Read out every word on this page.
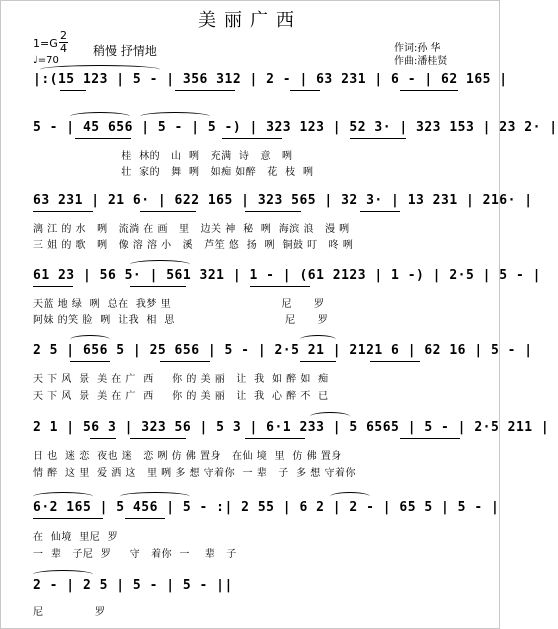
美丽广西
作词:孙 华
作曲:潘桂贤
1=G
2
4
♩=70
稍慢 抒情地
|:(15 123 | 5 - | 356 312 | 2 - | 63 231 | 6 - | 62 165 |
5 - | 45 656 | 5 - | 5 -) | 323 123 | 52 3· | 323 153 | 23 2· |
桂  林的   山  咧   充满  诗   意   咧
壮  家的   舞  咧   如痴 如醉   花  枝  咧
63 231 | 21 6· | 622 165 | 323 565 | 32 3· | 13 231 | 216· |
漓 江 的 水   咧   流淌 在 画   里   边关 神  秘  咧  海滨 浪   漫 咧
三 姐 的 歌   咧   像 溶 溶 小   溪   芦笙 悠  扬  咧  铜鼓 叮   咚 咧
61 23 | 56 5· | 561 321 | 1 - | (61 2123 | 1 -) | 2·5 | 5 - |
天蓝 地 绿  咧  总在  我梦 里                              尼      罗
阿妹 的笑 脸  咧  让我  相  思                              尼      罗
2 5 | 656 5 | 25 656 | 5 - | 2·5 21 | 2121 6 | 62 16 | 5 - |
天 下 风  景  美 在 广  西     你 的 美 丽   让  我  如 醉 如  痴
天 下 风  景  美 在 广  西     你 的 美 丽   让  我  心 醉 不  已
2 1 | 56 3 | 323 56 | 5 3 | 6·1 233 | 5 6565 | 5 - | 2·5 211 |
日 也  迷 恋  夜也 迷   恋 咧 仿 佛 置身   在仙 境  里  仿 佛 置身
情 醉  这 里  爱 洒 这   里 咧 多 想 守着你  一 辈   子  多 想 守着你
6·2 165 | 5 456 | 5 - :| 2 55 | 6 2 | 2 - | 65 5 | 5 - |
在  仙境  里尼  罗
一  辈   子尼  罗     守   着你  一    辈   子
2 - | 2 5 | 5 - | 5 - ||
尼              罗
